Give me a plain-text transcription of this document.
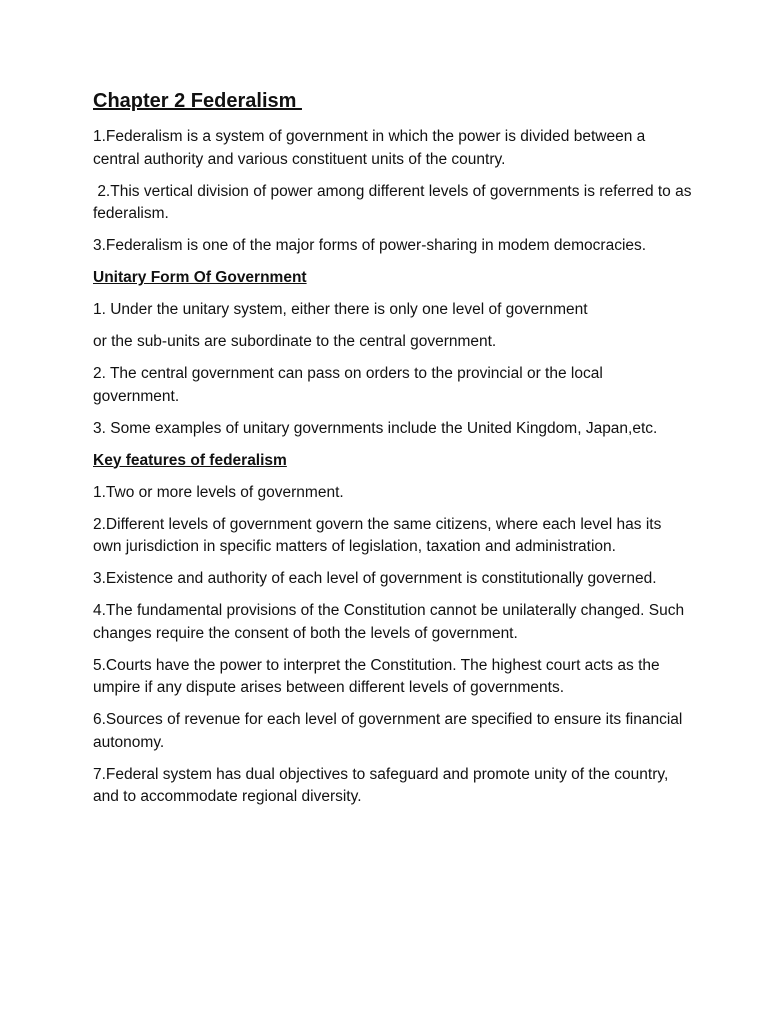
Chapter 2 Federalism

1.Federalism is a system of government in which the power is divided between a central authority and various constituent units of the country.

2.This vertical division of power among different levels of governments is referred to as federalism.

3.Federalism is one of the major forms of power-sharing in modem democracies.

Unitary Form Of Government

1. Under the unitary system, either there is only one level of government

or the sub-units are subordinate to the central government.

2. The central government can pass on orders to the provincial or the local government.

3. Some examples of unitary governments include the United Kingdom, Japan,etc.

Key features of federalism

1.Two or more levels of government.

2.Different levels of government govern the same citizens, where each level has its own jurisdiction in specific matters of legislation, taxation and administration.

3.Existence and authority of each level of government is constitutionally governed.

4.The fundamental provisions of the Constitution cannot be unilaterally changed. Such changes require the consent of both the levels of government.

5.Courts have the power to interpret the Constitution. The highest court acts as the umpire if any dispute arises between different levels of governments.

6.Sources of revenue for each level of government are specified to ensure its financial autonomy.

7.Federal system has dual objectives to safeguard and promote unity of the country, and to accommodate regional diversity.
